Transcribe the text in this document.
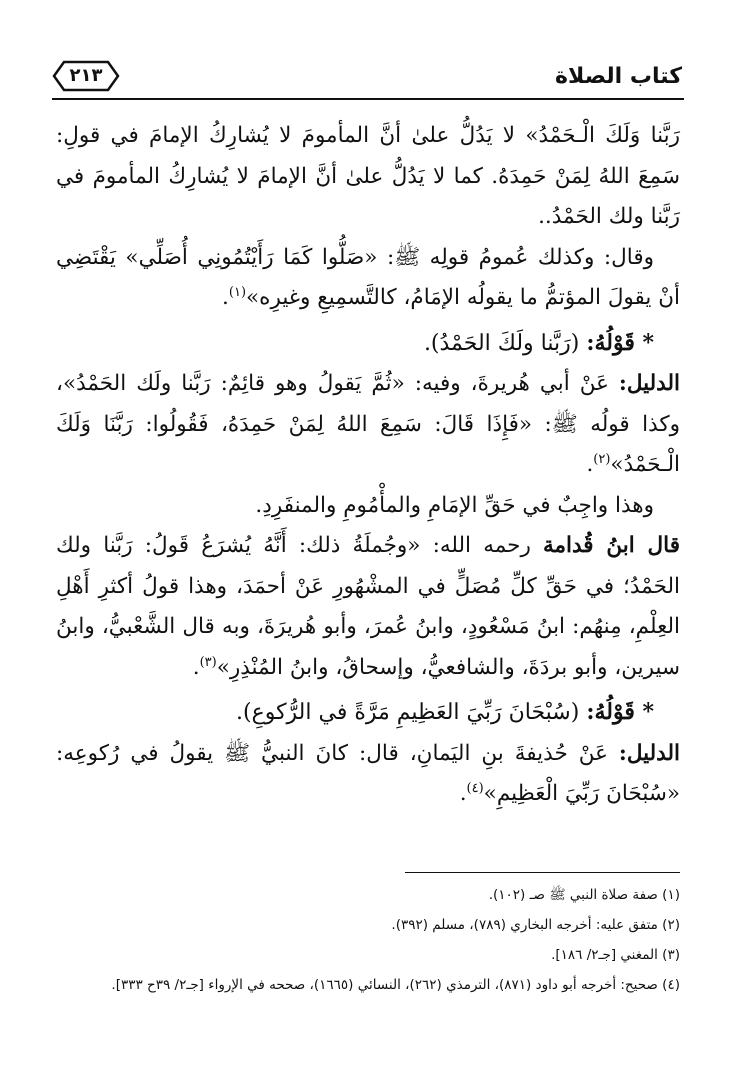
كتاب الصلاة
٢١٣

رَبَّنا وَلَكَ الْـحَمْدُ» لا يَدُلُّ علىٰ أنَّ المأمومَ لا يُشارِكُ الإمامَ في قولِ: سَمِعَ اللهُ لِمَنْ حَمِدَهُ. كما لا يَدُلُّ علىٰ أنَّ الإمامَ لا يُشارِكُ المأمومَ في رَبَّنا ولك الحَمْدُ..

وقال: وكذلك عُمومُ قولِه ﷺ: «صَلُّوا كَمَا رَأَيْتُمُونِي أُصَلِّي» يَقْتَضِي أنْ يقولَ المؤتمُّ ما يقولُه الإمَامُ، كالتَّسمِيعِ وغيرِه»$^{(١)}$.

* قَوْلُهُ: (رَبَّنا ولَكَ الحَمْدُ).

الدليل: عَنْ أبي هُريرةَ، وفيه: «ثُمَّ يَقولُ وهو قائِمٌ: رَبَّنا ولَك الحَمْدُ»، وكذا قولُه ﷺ: «فَإِذَا قَالَ: سَمِعَ اللهُ لِمَنْ حَمِدَهُ، فَقُولُوا: رَبَّنَا وَلَكَ الْـحَمْدُ»$^{(٢)}$.

وهذا واجِبٌ في حَقِّ الإمَامِ والمأْمُومِ والمنفَرِدِ.

قال ابنُ قُدامة رحمه الله: «وجُملَةُ ذلك: أَنَّهُ يُشرَعُ قَولُ: رَبَّنا ولك الحَمْدُ؛ في حَقِّ كلِّ مُصَلٍّ في المشْهُورِ عَنْ أحمَدَ، وهذا قولُ أكثرِ أَهْلِ العِلْمِ، مِنهُم: ابنُ مَسْعُودٍ، وابنُ عُمرَ، وأبو هُريرَةَ، وبه قال الشَّعْبيُّ، وابنُ سيرين، وأبو بردَةَ، والشافعيُّ، وإسحاقُ، وابنُ المُنْذِرِ»$^{(٣)}$.

* قَوْلُهُ: (سُبْحَانَ رَبِّيَ العَظِيمِ مَرَّةً في الرُّكوعِ).

الدليل: عَنْ حُذيفةَ بنِ اليَمانِ، قال: كانَ النبيُّ ﷺ يقولُ في رُكوعِه: «سُبْحَانَ رَبِّيَ الْعَظِيمِ»$^{(٤)}$.

(١) صفة صلاة النبي ﷺ صـ (١٠٢).
(٢) متفق عليه: أخرجه البخاري (٧٨٩)، مسلم (٣٩٢).
(٣) المغني [جـ٢/ ١٨٦].
(٤) صحيح: أخرجه أبو داود (٨٧١)، الترمذي (٢٦٢)، النسائي (١٦٦٥)، صححه في الإرواء [جـ٢/ ٣٩ح ٣٣٣].
